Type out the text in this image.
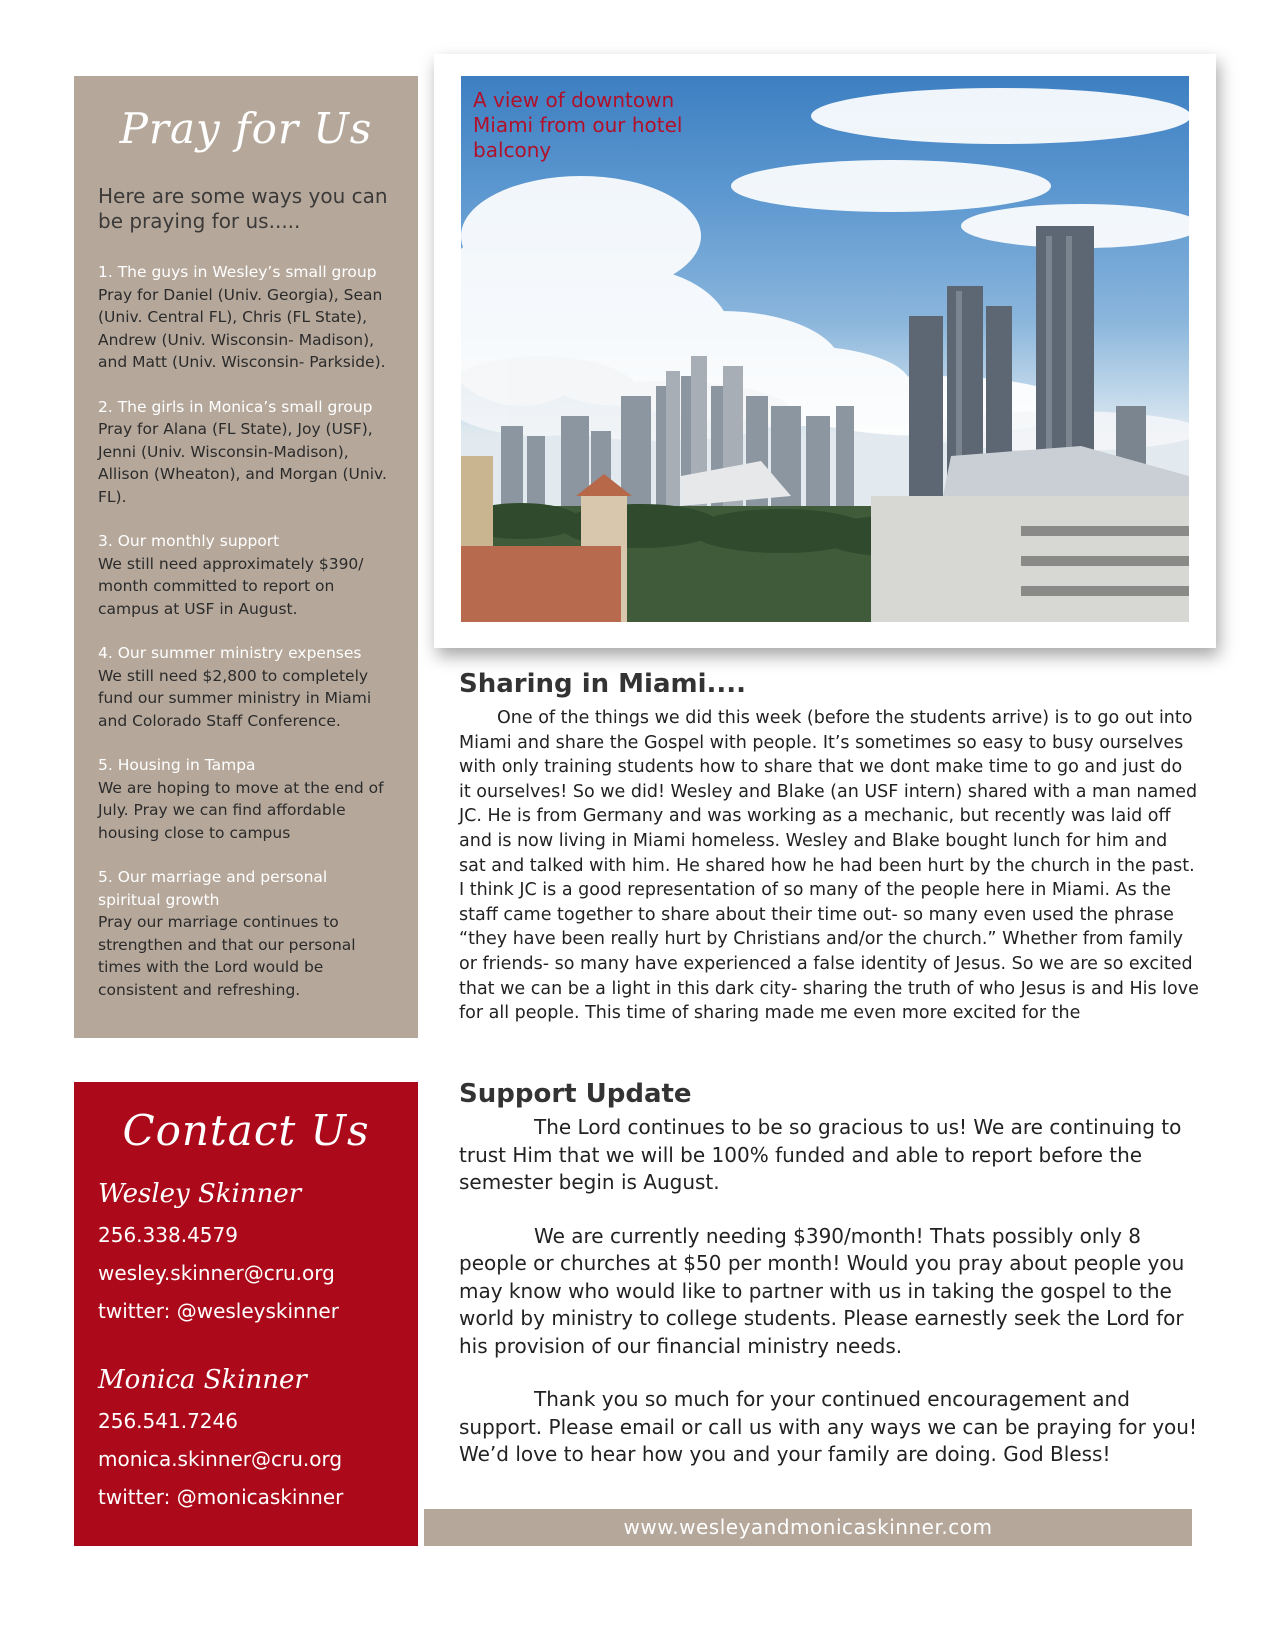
Pray for Us

Here are some ways you can be praying for us.....

1. The guys in Wesley’s small group
Pray for Daniel (Univ. Georgia), Sean (Univ. Central FL), Chris (FL State), Andrew (Univ. Wisconsin- Madison), and Matt (Univ. Wisconsin- Parkside).
2. The girls in Monica’s small group
Pray for Alana (FL State), Joy (USF), Jenni (Univ. Wisconsin-Madison), Allison (Wheaton), and Morgan (Univ. FL).
3. Our monthly support
We still need approximately $390/ month committed to report on campus at USF in August.
4. Our summer ministry expenses
We still need $2,800 to completely fund our summer ministry in Miami and Colorado Staff Conference.
5. Housing in Tampa
We are hoping to move at the end of July. Pray we can find affordable housing close to campus
5. Our marriage and personal spiritual growth
Pray our marriage continues to strengthen and that our personal times with the Lord would be consistent and refreshing.
Contact Us
Wesley Skinner
256.338.4579
wesley.skinner@cru.org
twitter: @wesleyskinner
Monica Skinner
256.541.7246
monica.skinner@cru.org
twitter: @monicaskinner
A view of downtown Miami from our hotel balcony
Sharing in Miami....

One of the things we did this week (before the students arrive) is to go out into Miami and share the Gospel with people. It’s sometimes so easy to busy ourselves with only training students how to share that we dont make time to go and just do it ourselves! So we did! Wesley and Blake (an USF intern) shared with a man named JC. He is from Germany and was working as a mechanic, but recently was laid off and is now living in Miami homeless. Wesley and Blake bought lunch for him and sat and talked with him. He shared how he had been hurt by the church in the past. I think JC is a good representation of so many of the people here in Miami. As the staff came together to share about their time out- so many even used the phrase “they have been really hurt by Christians and/or the church.” Whether from family or friends- so many have experienced a false identity of Jesus. So we are so excited that we can be a light in this dark city- sharing the truth of who Jesus is and His love for all people. This time of sharing made me even more excited for the

Support Update

The Lord continues to be so gracious to us! We are continuing to trust Him that we will be 100% funded and able to report before the semester begin is August.

We are currently needing $390/month! Thats possibly only 8 people or churches at $50 per month! Would you pray about people you may know who would like to partner with us in taking the gospel to the world by ministry to college students. Please earnestly seek the Lord for his provision of our financial ministry needs.

Thank you so much for your continued encouragement and support. Please email or call us with any ways we can be praying for you! We’d love to hear how you and your family are doing. God Bless!

www.wesleyandmonicaskinner.com
